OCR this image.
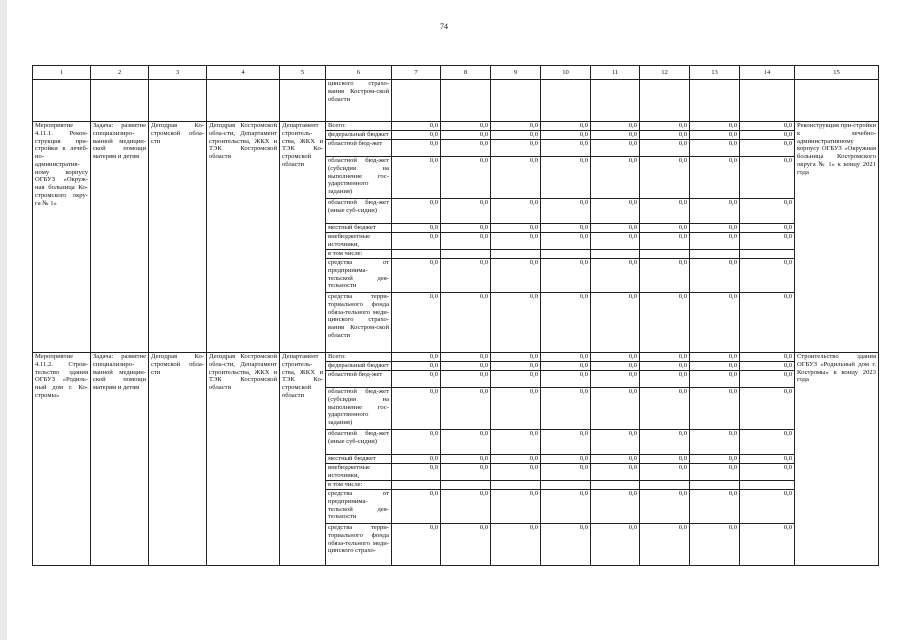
74
1	2	3	4	5	6	7	8	9	10	11	12	13	14	15
					цинского страхо-вания Костром-ской области									
Мероприятие 4.11.1. Рекон-струкция при-стройки к лечеб-но-административ-ному корпусу ОГБУЗ «Окруж-ная больница Ко-стромского окру-га № 1»	Задача: развитие специализиро-ванной медицин-ской помощи матерям и детям	Депздрав Ко-стромской обла-сти	Депздрав Костромской обла-сти, Департамент строительства, ЖКХ и ТЭК Костромской области	Департамент строитель-ства, ЖКХ и ТЭК Ко-стромской области	Всего:	0,0	0,0	0,0	0,0	0,0	0,0	0,0	0,0	Реконструкция при-стройки к лечебно-административному корпусу ОГБУЗ «Окружная больница Костромского округа № 1» к концу 2021 года
					федеральный бюджет	0,0	0,0	0,0	0,0	0,0	0,0	0,0	0,0	
					областной бюд-жет	0,0	0,0	0,0	0,0	0,0	0,0	0,0	0,0	
					областной бюд-жет (субсидия на выполнение гос-ударственного задания)	0,0	0,0	0,0	0,0	0,0	0,0	0,0	0,0	
					областной бюд-жет (иные суб-сидии)	0,0	0,0	0,0	0,0	0,0	0,0	0,0	0,0	
					местный бюджет	0,0	0,0	0,0	0,0	0,0	0,0	0,0	0,0	
					внебюджетные источники,	0,0	0,0	0,0	0,0	0,0	0,0	0,0	0,0	
					в том числе:									
					средства от предпринима-тельской дея-тельности	0,0	0,0	0,0	0,0	0,0	0,0	0,0	0,0	
					средства терри-ториального фонда обяза-тельного меди-цинского страхо-вания Костром-ской области	0,0	0,0	0,0	0,0	0,0	0,0	0,0	0,0	
Мероприятие 4.11.2. Строи-тельство здания ОГБУЗ «Родиль-ный дом г. Ко-стромы»	Задача: развитие специализиро-ванной медицин-ской помощи матерям и детям	Депздрав Ко-стромской обла-сти	Депздрав Костромской обла-сти, Департамент строительства, ЖКХ и ТЭК Костромской области	Департамент строитель-ства, ЖКХ и ТЭК Ко-стромской области	Всего:	0,0	0,0	0,0	0,0	0,0	0,0	0,0	0,0	Строительство здания ОГБУЗ «Родильный дом г. Костромы» к концу 2023 года
					федеральный бюджет	0,0	0,0	0,0	0,0	0,0	0,0	0,0	0,0	
					областной бюд-жет	0,0	0,0	0,0	0,0	0,0	0,0	0,0	0,0	
					областной бюд-жет (субсидия на выполнение гос-ударственного задания)	0,0	0,0	0,0	0,0	0,0	0,0	0,0	0,0	
					областной бюд-жет (иные суб-сидии)	0,0	0,0	0,0	0,0	0,0	0,0	0,0	0,0	
					местный бюджет	0,0	0,0	0,0	0,0	0,0	0,0	0,0	0,0	
					внебюджетные источники,	0,0	0,0	0,0	0,0	0,0	0,0	0,0	0,0	
					в том числе:									
					средства от предпринима-тельской дея-тельности	0,0	0,0	0,0	0,0	0,0	0,0	0,0	0,0	
					средства терри-ториального фонда обяза-тельного меди-цинского страхо-	0,0	0,0	0,0	0,0	0,0	0,0	0,0	0,0	
